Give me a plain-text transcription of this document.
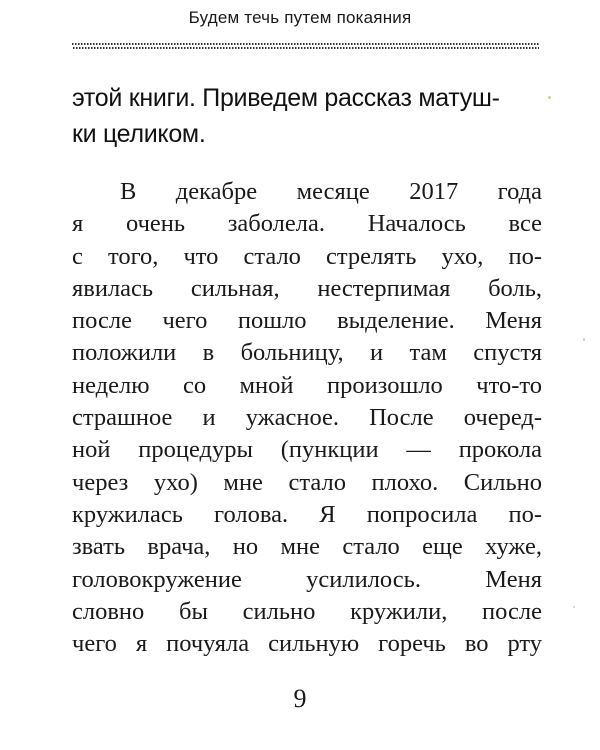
Будем течь путем покаяния
этой книги. Приведем рассказ матуш-
ки целиком.
В декабре месяце 2017 года
я очень заболела. Началось все
с того, что стало стрелять ухо, по-
явилась сильная, нестерпимая боль,
после чего пошло выделение. Меня
положили в больницу, и там спустя
неделю со мной произошло что-то
страшное и ужасное. После очеред-
ной процедуры (пункции — прокола
через ухо) мне стало плохо. Сильно
кружилась голова. Я попросила по-
звать врача, но мне стало еще хуже,
головокружение усилилось. Меня
словно бы сильно кружили, после
чего я почуяла сильную горечь во рту
9
